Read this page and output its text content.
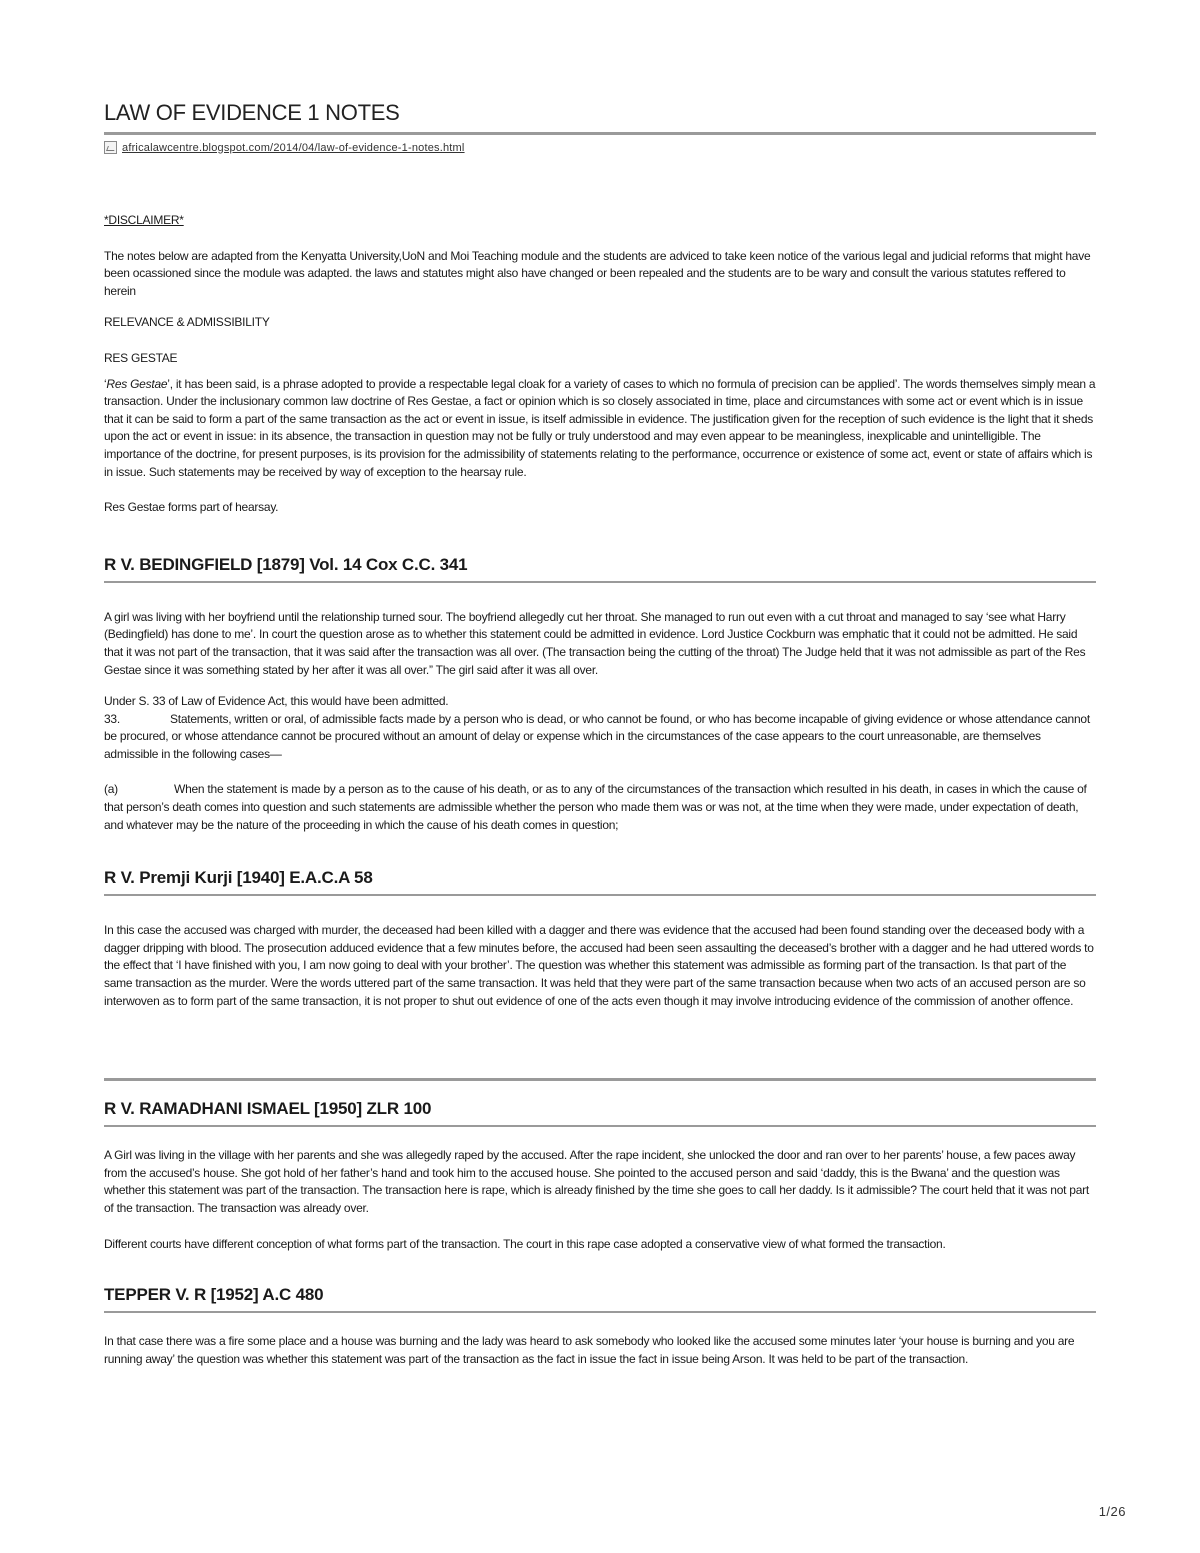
LAW OF EVIDENCE 1 NOTES
africalawcentre.blogspot.com/2014/04/law-of-evidence-1-notes.html

*DISCLAIMER*

The notes below are adapted from the Kenyatta University,UoN and Moi Teaching module and the students are adviced to take keen notice of the various legal and judicial reforms that might have been ocassioned since the module was adapted. the laws and statutes might also have changed or been repealed and the students are to be wary and consult the various statutes reffered to herein

RELEVANCE & ADMISSIBILITY

RES GESTAE

‘Res Gestae’, it has been said, is a phrase adopted to provide a respectable legal cloak for a variety of cases to which no formula of precision can be applied’. The words themselves simply mean a transaction. Under the inclusionary common law doctrine of Res Gestae, a fact or opinion which is so closely associated in time, place and circumstances with some act or event which is in issue that it can be said to form a part of the same transaction as the act or event in issue, is itself admissible in evidence. The justification given for the reception of such evidence is the light that it sheds upon the act or event in issue: in its absence, the transaction in question may not be fully or truly understood and may even appear to be meaningless, inexplicable and unintelligible. The importance of the doctrine, for present purposes, is its provision for the admissibility of statements relating to the performance, occurrence or existence of some act, event or state of affairs which is in issue. Such statements may be received by way of exception to the hearsay rule.

Res Gestae forms part of hearsay.

R V. BEDINGFIELD [1879] Vol. 14 Cox C.C. 341

A girl was living with her boyfriend until the relationship turned sour. The boyfriend allegedly cut her throat. She managed to run out even with a cut throat and managed to say ‘see what Harry (Bedingfield) has done to me’. In court the question arose as to whether this statement could be admitted in evidence. Lord Justice Cockburn was emphatic that it could not be admitted. He said that it was not part of the transaction, that it was said after the transaction was all over. (The transaction being the cutting of the throat) The Judge held that it was not admissible as part of the Res Gestae since it was something stated by her after it was all over.” The girl said after it was all over.

Under S. 33 of Law of Evidence Act, this would have been admitted.

33.	Statements, written or oral, of admissible facts made by a person who is dead, or who cannot be found, or who has become incapable of giving evidence or whose attendance cannot be procured, or whose attendance cannot be procured without an amount of delay or expense which in the circumstances of the case appears to the court unreasonable, are themselves admissible in the following cases—

(a)	When the statement is made by a person as to the cause of his death, or as to any of the circumstances of the transaction which resulted in his death, in cases in which the cause of that person’s death comes into question and such statements are admissible whether the person who made them was or was not, at the time when they were made, under expectation of death, and whatever may be the nature of the proceeding in which the cause of his death comes in question;

R V. Premji Kurji [1940] E.A.C.A 58

In this case the accused was charged with murder, the deceased had been killed with a dagger and there was evidence that the accused had been found standing over the deceased body with a dagger dripping with blood. The prosecution adduced evidence that a few minutes before, the accused had been seen assaulting the deceased’s brother with a dagger and he had uttered words to the effect that ‘I have finished with you, I am now going to deal with your brother’. The question was whether this statement was admissible as forming part of the transaction. Is that part of the same transaction as the murder. Were the words uttered part of the same transaction. It was held that they were part of the same transaction because when two acts of an accused person are so interwoven as to form part of the same transaction, it is not proper to shut out evidence of one of the acts even though it may involve introducing evidence of the commission of another offence.

R V. RAMADHANI ISMAEL [1950] ZLR 100

A Girl was living in the village with her parents and she was allegedly raped by the accused. After the rape incident, she unlocked the door and ran over to her parents’ house, a few paces away from the accused’s house. She got hold of her father’s hand and took him to the accused house. She pointed to the accused person and said ‘daddy, this is the Bwana’ and the question was whether this statement was part of the transaction. The transaction here is rape, which is already finished by the time she goes to call her daddy. Is it admissible? The court held that it was not part of the transaction. The transaction was already over.

Different courts have different conception of what forms part of the transaction. The court in this rape case adopted a conservative view of what formed the transaction.

TEPPER V. R [1952] A.C 480

In that case there was a fire some place and a house was burning and the lady was heard to ask somebody who looked like the accused some minutes later ‘your house is burning and you are running away’ the question was whether this statement was part of the transaction as the fact in issue the fact in issue being Arson. It was held to be part of the transaction.

1/26
